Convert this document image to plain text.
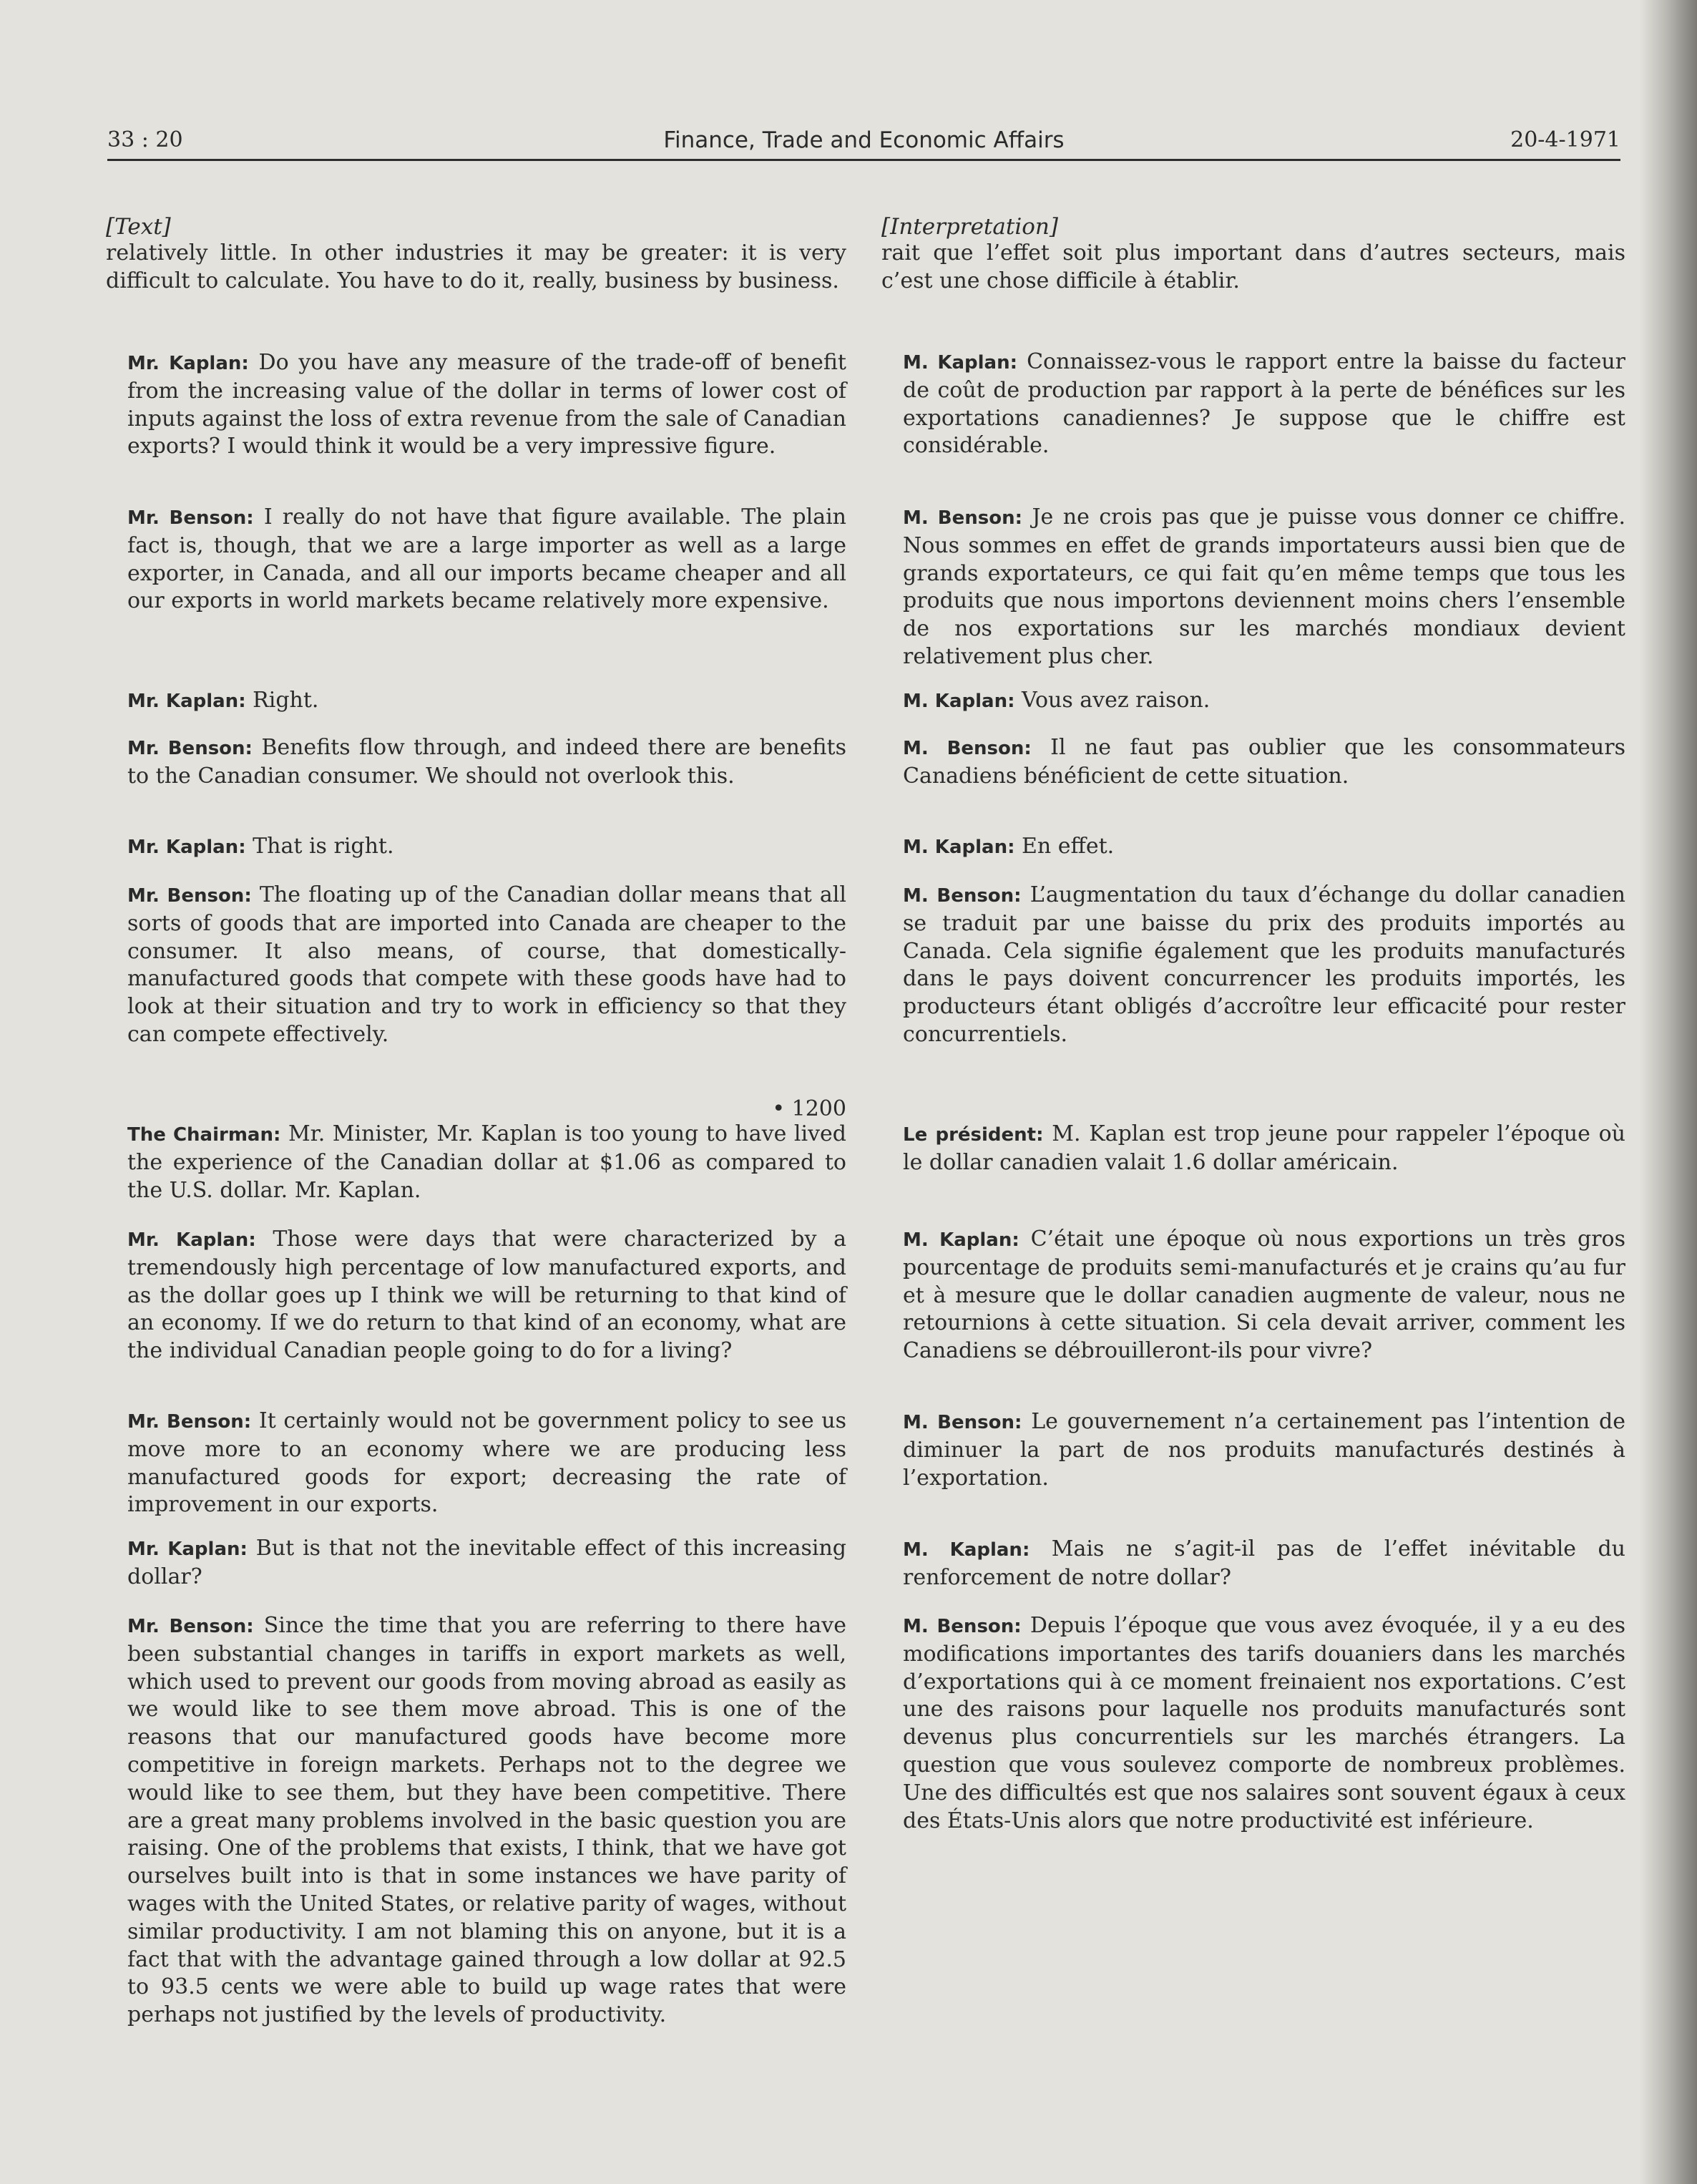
33 : 20	Finance, Trade and Economic Affairs	20-4-1971
[Text]

relatively little. In other industries it may be greater: it is very difficult to calculate. You have to do it, really, business by business.

Mr. Kaplan: Do you have any measure of the trade-off of benefit from the increasing value of the dollar in terms of lower cost of inputs against the loss of extra revenue from the sale of Canadian exports? I would think it would be a very impressive figure.

Mr. Benson: I really do not have that figure available. The plain fact is, though, that we are a large importer as well as a large exporter, in Canada, and all our imports became cheaper and all our exports in world markets became relatively more expensive.

Mr. Kaplan: Right.

Mr. Benson: Benefits flow through, and indeed there are benefits to the Canadian consumer. We should not overlook this.

Mr. Kaplan: That is right.

Mr. Benson: The floating up of the Canadian dollar means that all sorts of goods that are imported into Canada are cheaper to the consumer. It also means, of course, that domestically-manufactured goods that compete with these goods have had to look at their situation and try to work in efficiency so that they can compete effectively.

• 1200

The Chairman: Mr. Minister, Mr. Kaplan is too young to have lived the experience of the Canadian dollar at $1.06 as compared to the U.S. dollar. Mr. Kaplan.

Mr. Kaplan: Those were days that were characterized by a tremendously high percentage of low manufactured exports, and as the dollar goes up I think we will be returning to that kind of an economy. If we do return to that kind of an economy, what are the individual Canadian people going to do for a living?

Mr. Benson: It certainly would not be government policy to see us move more to an economy where we are producing less manufactured goods for export; decreasing the rate of improvement in our exports.

Mr. Kaplan: But is that not the inevitable effect of this increasing dollar?

Mr. Benson: Since the time that you are referring to there have been substantial changes in tariffs in export markets as well, which used to prevent our goods from moving abroad as easily as we would like to see them move abroad. This is one of the reasons that our manufactured goods have become more competitive in foreign markets. Perhaps not to the degree we would like to see them, but they have been competitive. There are a great many problems involved in the basic question you are raising. One of the problems that exists, I think, that we have got ourselves built into is that in some instances we have parity of wages with the United States, or relative parity of wages, without similar productivity. I am not blaming this on anyone, but it is a fact that with the advantage gained through a low dollar at 92.5 to 93.5 cents we were able to build up wage rates that were perhaps not justified by the levels of productivity.

[Interpretation]

rait que l’effet soit plus important dans d’autres secteurs, mais c’est une chose difficile à établir.

M. Kaplan: Connaissez-vous le rapport entre la baisse du facteur de coût de production par rapport à la perte de bénéfices sur les exportations canadiennes? Je suppose que le chiffre est considérable.

M. Benson: Je ne crois pas que je puisse vous donner ce chiffre. Nous sommes en effet de grands importateurs aussi bien que de grands exportateurs, ce qui fait qu’en même temps que tous les produits que nous importons deviennent moins chers l’ensemble de nos exportations sur les marchés mondiaux devient relativement plus cher.

M. Kaplan: Vous avez raison.

M. Benson: Il ne faut pas oublier que les consommateurs Canadiens bénéficient de cette situation.

M. Kaplan: En effet.

M. Benson: L’augmentation du taux d’échange du dollar canadien se traduit par une baisse du prix des produits importés au Canada. Cela signifie également que les produits manufacturés dans le pays doivent concurrencer les produits importés, les producteurs étant obligés d’accroître leur efficacité pour rester concurrentiels.

Le président: M. Kaplan est trop jeune pour rappeler l’époque où le dollar canadien valait 1.6 dollar américain.

M. Kaplan: C’était une époque où nous exportions un très gros pourcentage de produits semi-manufacturés et je crains qu’au fur et à mesure que le dollar canadien augmente de valeur, nous ne retournions à cette situation. Si cela devait arriver, comment les Canadiens se débrouilleront-ils pour vivre?

M. Benson: Le gouvernement n’a certainement pas l’intention de diminuer la part de nos produits manufacturés destinés à l’exportation.

M. Kaplan: Mais ne s’agit-il pas de l’effet inévitable du renforcement de notre dollar?

M. Benson: Depuis l’époque que vous avez évoquée, il y a eu des modifications importantes des tarifs douaniers dans les marchés d’exportations qui à ce moment freinaient nos exportations. C’est une des raisons pour laquelle nos produits manufacturés sont devenus plus concurrentiels sur les marchés étrangers. La question que vous soulevez comporte de nombreux problèmes. Une des difficultés est que nos salaires sont souvent égaux à ceux des États-Unis alors que notre productivité est inférieure.
